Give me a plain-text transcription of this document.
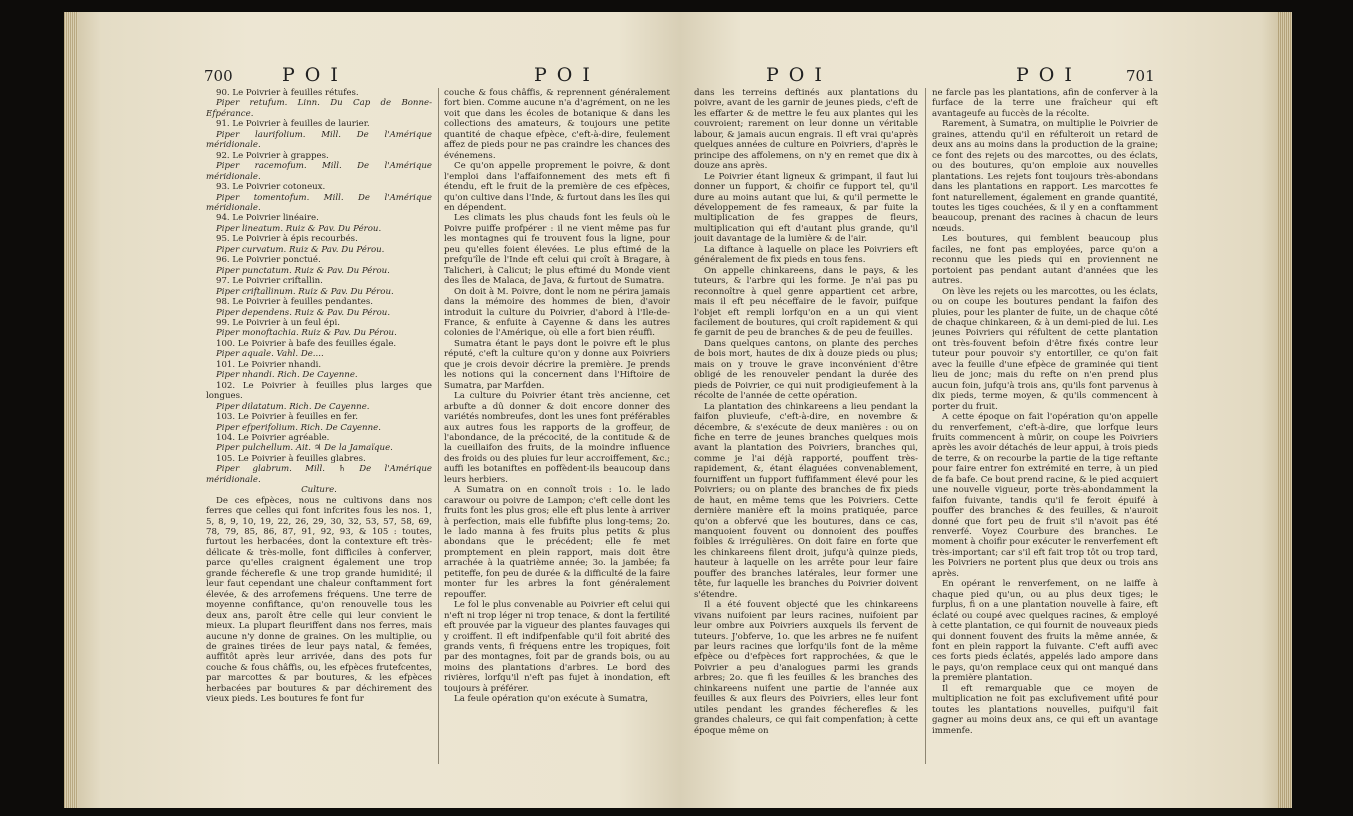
700	POI	POI

90. Le Poivrier à feuilles rétufes.

Piper retufum. Linn. Du Cap de Bonne-Efpérance.

91. Le Poivrier à feuilles de laurier.

Piper laurifolium. Mill. De l'Amérique méridionale.

92. Le Poivrier à grappes.

Piper racemofum. Mill. De l'Amérique méridionale.

93. Le Poivrier cotoneux.

Piper tomentofum. Mill. De l'Amérique méridionale.

94. Le Poivrier linéaire.

Piper lineatum. Ruiz & Pav. Du Pérou.

95. Le Poivrier à épis recourbés.

Piper curvatum. Ruiz & Pav. Du Pérou.

96. Le Poivrier ponctué.

Piper punctatum. Ruiz & Pav. Du Pérou.

97. Le Poivrier criftallin.

Piper criftallinum. Ruiz & Pav. Du Pérou.

98. Le Poivrier à feuilles pendantes.

Piper dependens. Ruiz & Pav. Du Pérou.

99. Le Poivrier à un feul épi.

Piper monoftachia. Ruiz & Pav. Du Pérou.

100. Le Poivrier à bafe des feuilles égale.

Piper aquale. Vahl. De....

101. Le Poivrier nhandi.

Piper nhandi. Rich. De Cayenne.

102. Le Poivrier à feuilles plus larges que longues.

Piper dilatatum. Rich. De Cayenne.

103. Le Poivrier à feuilles en fer.

Piper efperifolium. Rich. De Cayenne.

104. Le Poivrier agréable.

Piper pulchellum. Ait. ♃ De la Jamaïque.

105. Le Poivrier à feuilles glabres.

Piper glabrum. Mill. ♄ De l'Amérique méridionale.

Culture.

De ces efpèces, nous ne cultivons dans nos ferres que celles qui font infcrites fous les nos. 1, 5, 8, 9, 10, 19, 22, 26, 29, 30, 32, 53, 57, 58, 69, 78, 79, 85, 86, 87, 91, 92, 93, & 105 : toutes, furtout les herbacées, dont la contexture eft très-délicate & très-molle, font difficiles à conferver, parce qu'elles craignent également une trop grande fécherefle & une trop grande humidité; il leur faut cependant une chaleur conftamment fort élevée, & des arrofemens fréquens. Une terre de moyenne confiftance, qu'on renouvelle tous les deux ans, paroît être celle qui leur convient le mieux. La plupart fleuriffent dans nos ferres, mais aucune n'y donne de graines. On les multiplie, ou de graines tirées de leur pays natal, & femées, auffitôt après leur arrivée, dans des pots fur couche & fous châffis, ou, les efpèces frutefcentes, par marcottes & par boutures, & les efpèces herbacées par boutures & par déchirement des vieux pieds. Les boutures fe font fur

couche & fous châffis, & reprennent généralement fort bien. Comme aucune n'a d'agrément, on ne les voit que dans les écoles de botanique & dans les collections des amateurs, & toujours une petite quantité de chaque efpèce, c'eft-à-dire, feulement affez de pieds pour ne pas craindre les chances des événemens.

Ce qu'on appelle proprement le poivre, & dont l'emploi dans l'affaifonnement des mets eft fi étendu, eft le fruit de la première de ces efpèces, qu'on cultive dans l'Inde, & furtout dans les îles qui en dépendent.

Les climats les plus chauds font les feuls où le Poivre puiffe profpérer : il ne vient même pas fur les montagnes qui fe trouvent fous la ligne, pour peu qu'elles foient élevées. Le plus eftimé de la prefqu'île de l'Inde eft celui qui croît à Bragare, à Talicheri, à Calicut; le plus eftimé du Monde vient des îles de Malaca, de Java, & furtout de Sumatra.

On doit à M. Poivre, dont le nom ne périra jamais dans la mémoire des hommes de bien, d'avoir introduit la culture du Poivrier, d'abord à l'Ile-de-France, & enfuite à Cayenne & dans les autres colonies de l'Amérique, où elle a fort bien réuffi.

Sumatra étant le pays dont le poivre eft le plus réputé, c'eft la culture qu'on y donne aux Poivriers que je crois devoir décrire la première. Je prends les notions qui la concernent dans l'Hiftoire de Sumatra, par Marfden.

La culture du Poivrier étant très ancienne, cet arbufte a dû donner & doit encore donner des variétés nombreufes, dont les unes font préférables aux autres fous les rapports de la groffeur, de l'abondance, de la précocité, de la contitude & de la cueillaifon des fruits, de la moindre influence des froids ou des pluies fur leur accroiffement, &c.; auffi les botaniftes en poffèdent-ils beaucoup dans leurs herbiers.

A Sumatra on en connoît trois : 1o. le lado carawour ou poivre de Lampon; c'eft celle dont les fruits font les plus gros; elle eft plus lente à arriver à perfection, mais elle fubfifte plus long-tems; 2o. le lado manna à fes fruits plus petits & plus abondans que le précédent; elle fe met promptement en plein rapport, mais doit être arrachée à la quatrième année; 3o. la jambée; fa petiteffe, fon peu de durée & la difficulté de la faire monter fur les arbres la font généralement repouffer.

Le fol le plus convenable au Poivrier eft celui qui n'eft ni trop léger ni trop tenace, & dont la fertilité eft prouvée par la vigueur des plantes fauvages qui y croiffent. Il eft indifpenfable qu'il foit abrité des grands vents, fi fréquens entre les tropiques, foit par des montagnes, foit par de grands bois, ou au moins des plantations d'arbres. Le bord des rivières, lorfqu'il n'eft pas fujet à inondation, eft toujours à préférer.

La feule opération qu'on exécute à Sumatra,

POI	POI	701

dans les terreins deftinés aux plantations du poivre, avant de les garnir de jeunes pieds, c'eft de les effarter & de mettre le feu aux plantes qui les couvroient; rarement on leur donne un véritable labour, & jamais aucun engrais. Il eft vrai qu'après quelques années de culture en Poivriers, d'après le principe des affolemens, on n'y en remet que dix à douze ans après.

Le Poivrier étant ligneux & grimpant, il faut lui donner un fupport, & choifir ce fupport tel, qu'il dure au moins autant que lui, & qu'il permette le développement de fes rameaux, & par fuite la multiplication de fes grappes de fleurs, multiplication qui eft d'autant plus grande, qu'il jouit davantage de la lumière & de l'air.

La diftance à laquelle on place les Poivriers eft généralement de fix pieds en tous fens.

On appelle chinkareens, dans le pays, & les tuteurs, & l'arbre qui les forme. Je n'ai pas pu reconnoître à quel genre appartient cet arbre, mais il eft peu néceffaire de le favoir, puifque l'objet eft rempli lorfqu'on en a un qui vient facilement de boutures, qui croît rapidement & qui fe garnit de peu de branches & de peu de feuilles.

Dans quelques cantons, on plante des perches de bois mort, hautes de dix à douze pieds ou plus; mais on y trouve le grave inconvénient d'être obligé de les renouveler pendant la durée des pieds de Poivrier, ce qui nuit prodigieufement à la récolte de l'année de cette opération.

La plantation des chinkareens a lieu pendant la faifon pluvieufe, c'eft-à-dire, en novembre & décembre, & s'exécute de deux manières : ou on fiche en terre de jeunes branches quelques mois avant la plantation des Poivriers, branches qui, comme je l'ai déjà rapporté, pouffent très-rapidement, &, étant élaguées convenablement, fourniffent un fupport fuffifamment élevé pour les Poivriers; ou on plante des branches de fix pieds de haut, en même tems que les Poivriers. Cette dernière manière eft la moins pratiquée, parce qu'on a obfervé que les boutures, dans ce cas, manquoient fouvent ou donnoient des pouffes foibles & irrégulières. On doit faire en forte que les chinkareens filent droit, jufqu'à quinze pieds, hauteur à laquelle on les arrête pour leur faire pouffer des branches latérales, leur former une tête, fur laquelle les branches du Poivrier doivent s'étendre.

Il a été fouvent objecté que les chinkareens vivans nuifoient par leurs racines, nuifoient par leur ombre aux Poivriers auxquels ils fervent de tuteurs. J'obferve, 1o. que les arbres ne fe nuifent par leurs racines que lorfqu'ils font de la même efpèce ou d'efpèces fort rapprochées, & que le Poivrier a peu d'analogues parmi les grands arbres; 2o. que fi les feuilles & les branches des chinkareens nuifent une partie de l'année aux feuilles & aux fleurs des Poivriers, elles leur font utiles pendant les grandes fécherefles & les grandes chaleurs, ce qui fait compenfation; à cette époque même on

ne farcle pas les plantations, afin de conferver à la furface de la terre une fraîcheur qui eft avantageufe au fuccès de la récolte.

Rarement, à Sumatra, on multiplie le Poivrier de graines, attendu qu'il en réfulteroit un retard de deux ans au moins dans la production de la graine; ce font des rejets ou des marcottes, ou des éclats, ou des boutures, qu'on emploie aux nouvelles plantations. Les rejets font toujours très-abondans dans les plantations en rapport. Les marcottes fe font naturellement, également en grande quantité, toutes les tiges couchées, & il y en a conftamment beaucoup, prenant des racines à chacun de leurs nœuds.

Les boutures, qui femblent beaucoup plus faciles, ne font pas employées, parce qu'on a reconnu que les pieds qui en proviennent ne portoient pas pendant autant d'années que les autres.

On lève les rejets ou les marcottes, ou les éclats, ou on coupe les boutures pendant la faifon des pluies, pour les planter de fuite, un de chaque côté de chaque chinkareen, & à un demi-pied de lui. Les jeunes Poivriers qui réfultent de cette plantation ont très-fouvent befoin d'être fixés contre leur tuteur pour pouvoir s'y entortiller, ce qu'on fait avec la feuille d'une efpèce de graminée qui tient lieu de jonc; mais du refte on n'en prend plus aucun foin, jufqu'à trois ans, qu'ils font parvenus à dix pieds, terme moyen, & qu'ils commencent à porter du fruit.

A cette époque on fait l'opération qu'on appelle du renverfement, c'eft-à-dire, que lorfque leurs fruits commencent à mûrir, on coupe les Poivriers après les avoir détachés de leur appui, à trois pieds de terre, & on recourbe la partie de la tige reftante pour faire entrer fon extrémité en terre, à un pied de fa bafe. Ce bout prend racine, & le pied acquiert une nouvelle vigueur, porte très-abondamment la faifon fuivante, tandis qu'il fe feroit épuifé à pouffer des branches & des feuilles, & n'auroit donné que fort peu de fruit s'il n'avoit pas été renverfé. Voyez Courbure des branches. Le moment à choifir pour exécuter le renverfement eft très-important; car s'il eft fait trop tôt ou trop tard, les Poivriers ne portent plus que deux ou trois ans après.

En opérant le renverfement, on ne laiffe à chaque pied qu'un, ou au plus deux tiges; le furplus, fi on a une plantation nouvelle à faire, eft éclaté ou coupé avec quelques racines, & employé à cette plantation, ce qui fournit de nouveaux pieds qui donnent fouvent des fruits la même année, & font en plein rapport la fuivante. C'eft auffi avec ces forts pieds éclatés, appelés lado ampore dans le pays, qu'on remplace ceux qui ont manqué dans la première plantation.

Il eft remarquable que ce moyen de multiplication ne foit pas exclufivement ufité pour toutes les plantations nouvelles, puifqu'il fait gagner au moins deux ans, ce qui eft un avantage immenfe.
